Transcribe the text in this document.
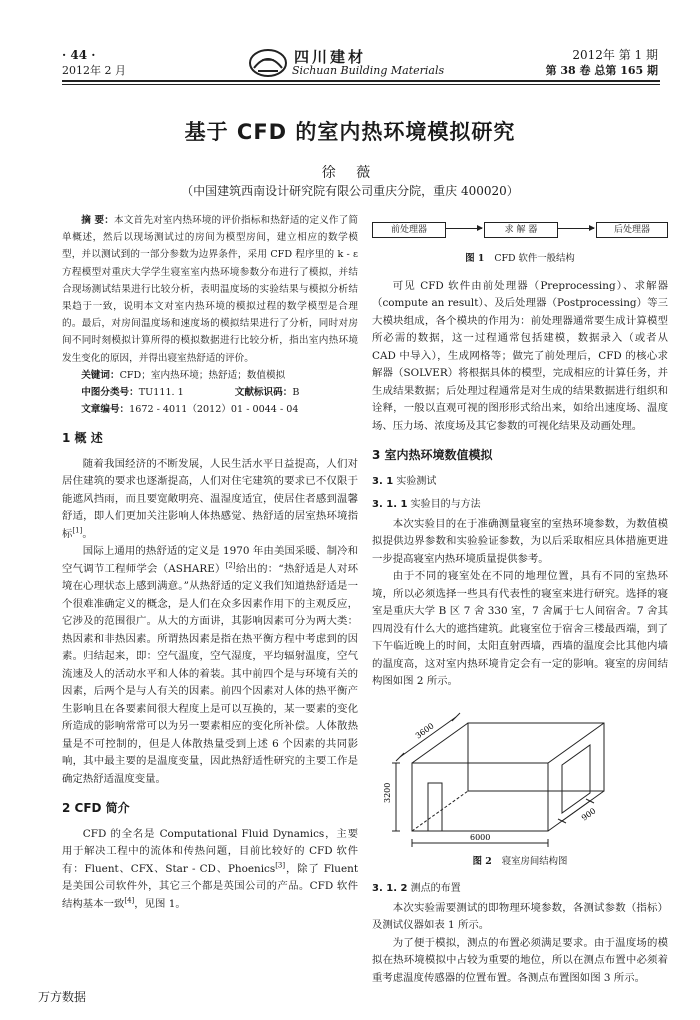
· 44 ·
2012年 2 月
四川建材
Sichuan Building Materials
2012年 第 1 期
第 38 卷 总第 165 期
基于 CFD 的室内热环境模拟研究
徐 薇
（中国建筑西南设计研究院有限公司重庆分院，重庆 400020）

摘 要：本文首先对室内热环境的评价指标和热舒适的定义作了简单概述，然后以现场测试过的房间为模型房间，建立相应的数学模型，并以测试到的一部分参数为边界条件，采用 CFD 程序里的 k - ε 方程模型对重庆大学学生寝室室内热环境参数分布进行了模拟，并结合现场测试结果进行比较分析，表明温度场的实验结果与模拟分析结果趋于一致，说明本文对室内热环境的模拟过程的数学模型是合理的。最后，对房间温度场和速度场的模拟结果进行了分析，同时对房间不同时刻模拟计算所得的模拟数据进行比较分析，指出室内热环境发生变化的原因，并得出寝室热舒适的评价。

关键词：CFD；室内热环境；热舒适；数值模拟

中图分类号：TU111. 1	文献标识码：B

文章编号：1672 - 4011（2012）01 - 0044 - 04

1 概 述

随着我国经济的不断发展，人民生活水平日益提高，人们对居住建筑的要求也逐渐提高，人们对住宅建筑的要求已不仅限于能遮风挡雨，而且要宽敞明亮、温湿度适宜，使居住者感到温馨舒适，即人们更加关注影响人体热感觉、热舒适的居室热环境指标[1]。

国际上通用的热舒适的定义是 1970 年由美国采暖、制冷和空气调节工程师学会（ASHARE）[2]给出的：“热舒适是人对环境在心理状态上感到满意。”从热舒适的定义我们知道热舒适是一个很难准确定义的概念，是人们在众多因素作用下的主观反应，它涉及的范围很广。从大的方面讲，其影响因素可分为两大类：热因素和非热因素。所谓热因素是指在热平衡方程中考虑到的因素。归结起来，即：空气温度，空气湿度，平均辐射温度，空气流速及人的活动水平和人体的着装。其中前四个是与环境有关的因素，后两个是与人有关的因素。前四个因素对人体的热平衡产生影响且在各要素间很大程度上是可以互换的，某一要素的变化所造成的影响常常可以为另一要素相应的变化所补偿。人体散热量是不可控制的，但是人体散热量受到上述 6 个因素的共同影响，其中最主要的是温度变量，因此热舒适性研究的主要工作是确定热舒适温度变量。

2 CFD 简介

CFD 的全名是 Computational Fluid Dynamics，主要用于解决工程中的流体和传热问题，目前比较好的 CFD 软件有：Fluent、CFX、Star - CD、Phoenics[3]，除了 Fluent 是美国公司软件外，其它三个都是英国公司的产品。CFD 软件结构基本一致[4]，见图 1。

前处理器	求 解 器	后处理器
图 1 CFD 软件一般结构

可见 CFD 软件由前处理器（Preprocessing）、求解器（compute an result）、及后处理器（Postprocessing）等三大模块组成，各个模块的作用为：前处理器通常要生成计算模型所必需的数据，这一过程通常包括建模，数据录入（或者从 CAD 中导入），生成网格等；做完了前处理后，CFD 的核心求解器（SOLVER）将根据具体的模型，完成相应的计算任务，并生成结果数据；后处理过程通常是对生成的结果数据进行组织和诠释，一般以直观可视的图形形式给出来，如给出速度场、温度场、压力场、浓度场及其它参数的可视化结果及动画处理。

3 室内热环境数值模拟
3. 1 实验测试
3. 1. 1 实验目的与方法

本次实验目的在于准确测量寝室的室热环境参数，为数值模拟提供边界参数和实验验证参数，为以后采取相应具体措施更进一步提高寝室内热环境质量提供参考。

由于不同的寝室处在不同的地理位置，具有不同的室热环境，所以必须选择一些具有代表性的寝室来进行研究。选择的寝室是重庆大学 B 区 7 舍 330 室，7 舍属于七人间宿舍。7 舍其四周没有什么大的遮挡建筑。此寝室位于宿舍三楼最西端，到了下午临近晚上的时间，太阳直射西墙，西墙的温度会比其他内墙的温度高，这对室内热环境肯定会有一定的影响。寝室的房间结构图如图 2 所示。

3600
3200
6000
900
图 2 寝室房间结构图
3. 1. 2 测点的布置

本次实验需要测试的即物理环境参数，各测试参数（指标）及测试仪器如表 1 所示。

为了便于模拟，测点的布置必须满足要求。由于温度场的模拟在热环境模拟中占较为重要的地位，所以在测点布置中必须着重考虑温度传感器的位置布置。各测点布置图如图 3 所示。

万方数据
